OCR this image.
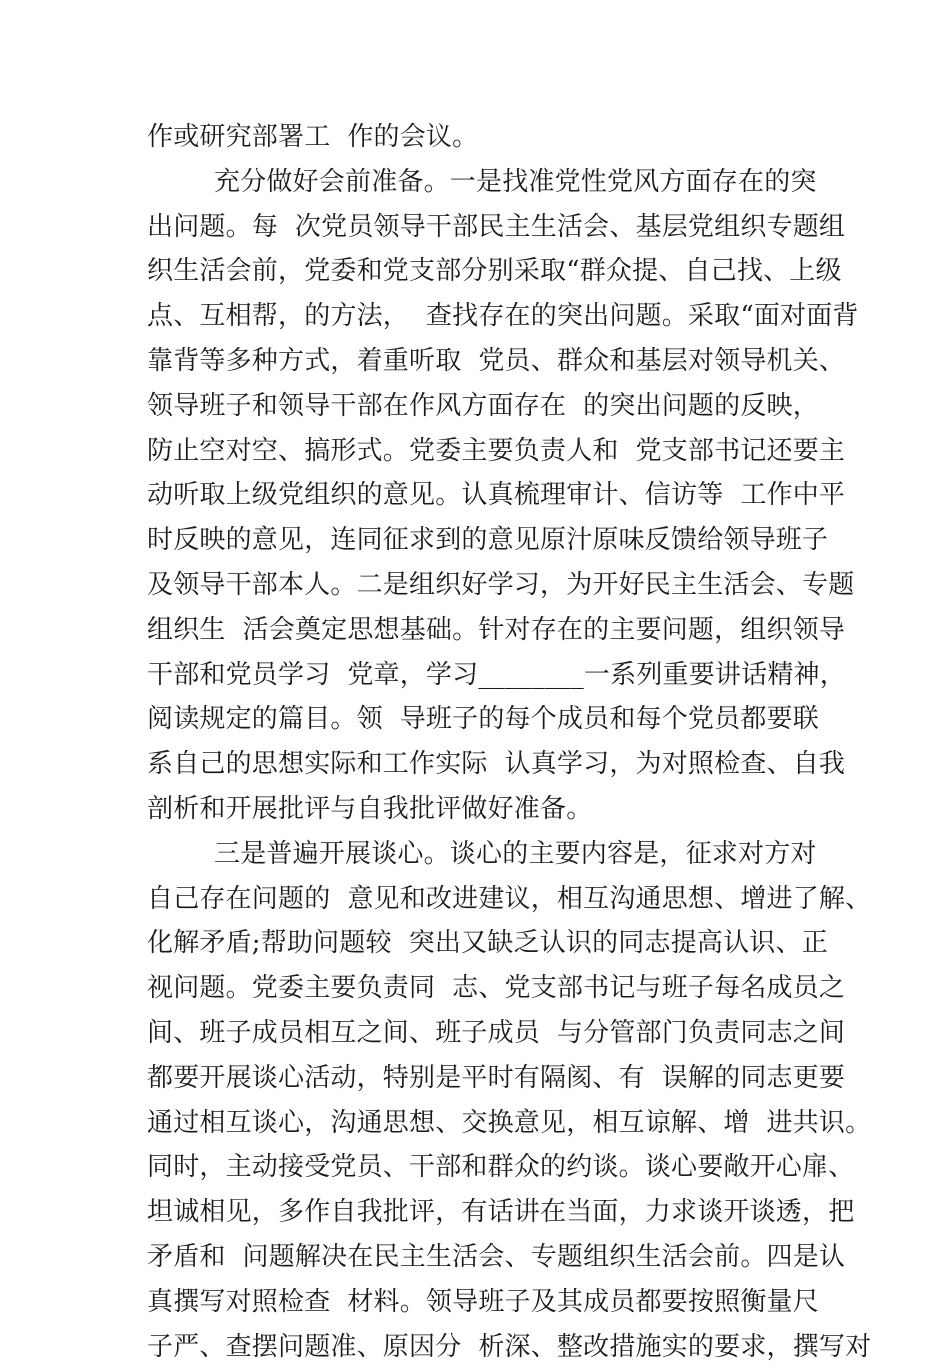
作或研究部署工  作的会议。
充分做好会前准备。一是找准党性党风方面存在的突
出问题。每  次党员领导干部民主生活会、基层党组织专题组
织生活会前，党委和党支部分别采取“群众提、自己找、上级
点、互相帮，的方法，  查找存在的突出问题。采取“面对面背
靠背等多种方式，着重听取  党员、群众和基层对领导机关、
领导班子和领导干部在作风方面存在  的突出问题的反映，
防止空对空、搞形式。党委主要负责人和  党支部书记还要主
动听取上级党组织的意见。认真梳理审计、信访等  工作中平
时反映的意见，连同征求到的意见原汁原味反馈给领导班子
及领导干部本人。二是组织好学习，为开好民主生活会、专题
组织生  活会奠定思想基础。针对存在的主要问题，组织领导
干部和党员学习  党章，学习________一系列重要讲话精神，
阅读规定的篇目。领  导班子的每个成员和每个党员都要联
系自己的思想实际和工作实际  认真学习，为对照检查、自我
剖析和开展批评与自我批评做好准备。
三是普遍开展谈心。谈心的主要内容是，征求对方对
自己存在问题的  意见和改进建议，相互沟通思想、增进了解、
化解矛盾;帮助问题较  突出又缺乏认识的同志提高认识、正
视问题。党委主要负责同  志、党支部书记与班子每名成员之
间、班子成员相互之间、班子成员  与分管部门负责同志之间
都要开展谈心活动，特别是平时有隔阂、有  误解的同志更要
通过相互谈心，沟通思想、交换意见，相互谅解、增  进共识。
同时，主动接受党员、干部和群众的约谈。谈心要敞开心扉、
坦诚相见，多作自我批评，有话讲在当面，力求谈开谈透，把
矛盾和  问题解决在民主生活会、专题组织生活会前。四是认
真撰写对照检查  材料。领导班子及其成员都要按照衡量尺
子严、查摆问题准、原因分  析深、整改措施实的要求，撰写对
